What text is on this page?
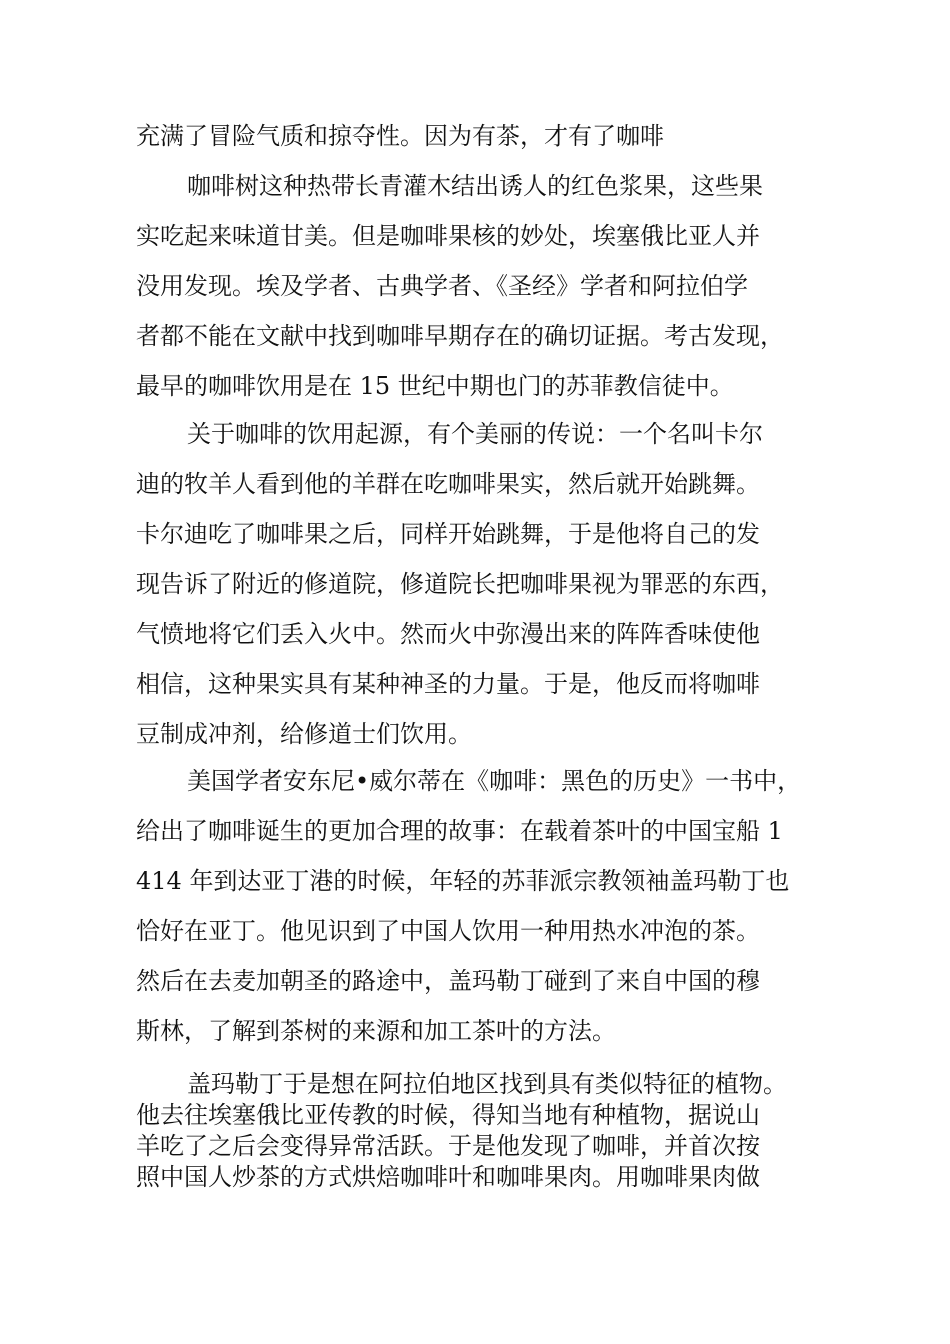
充满了冒险气质和掠夺性。因为有茶，才有了咖啡
咖啡树这种热带长青灌木结出诱人的红色浆果，这些果
实吃起来味道甘美。但是咖啡果核的妙处，埃塞俄比亚人并
没用发现。埃及学者、古典学者、《圣经》学者和阿拉伯学
者都不能在文献中找到咖啡早期存在的确切证据。考古发现，
最早的咖啡饮用是在 15 世纪中期也门的苏菲教信徒中。
关于咖啡的饮用起源，有个美丽的传说：一个名叫卡尔
迪的牧羊人看到他的羊群在吃咖啡果实，然后就开始跳舞。
卡尔迪吃了咖啡果之后，同样开始跳舞，于是他将自己的发
现告诉了附近的修道院，修道院长把咖啡果视为罪恶的东西，
气愤地将它们丢入火中。然而火中弥漫出来的阵阵香味使他
相信，这种果实具有某种神圣的力量。于是，他反而将咖啡
豆制成冲剂，给修道士们饮用。
美国学者安东尼•威尔蒂在《咖啡：黑色的历史》一书中，
给出了咖啡诞生的更加合理的故事：在载着茶叶的中国宝船 1
414 年到达亚丁港的时候，年轻的苏菲派宗教领袖盖玛勒丁也
恰好在亚丁。他见识到了中国人饮用一种用热水冲泡的茶。
然后在去麦加朝圣的路途中，盖玛勒丁碰到了来自中国的穆
斯林，了解到茶树的来源和加工茶叶的方法。
盖玛勒丁于是想在阿拉伯地区找到具有类似特征的植物。
他去往埃塞俄比亚传教的时候，得知当地有种植物，据说山
羊吃了之后会变得异常活跃。于是他发现了咖啡，并首次按
照中国人炒茶的方式烘焙咖啡叶和咖啡果肉。用咖啡果肉做
